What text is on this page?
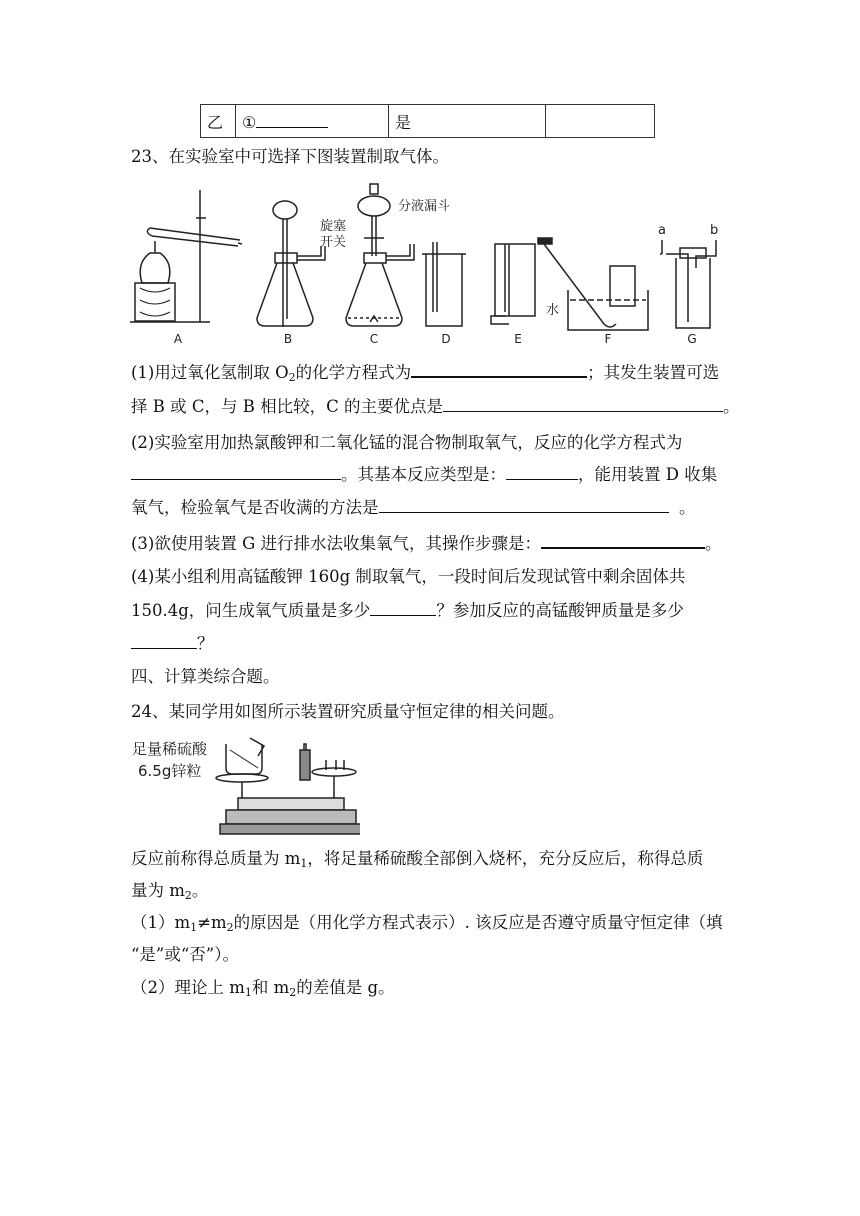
乙	①	是	
23、在实验室中可选择下图装置制取气体。
A	B	C	D	E	F	G
分液漏斗
旋塞
开关
水
a	b
(1)用过氧化氢制取 $O_2$的化学方程式为	；其发生装置可选
择 B 或 C，与 B 相比较，C 的主要优点是	。
(2)实验室用加热氯酸钾和二氧化锰的混合物制取氧气，反应的化学方程式为
。其基本反应类型是：	，能用装置 D 收集
氧气，检验氧气是否收满的方法是	。
(3)欲使用装置 G 进行排水法收集氧气，其操作步骤是：	。
(4)某小组利用高锰酸钾 160g 制取氧气，一段时间后发现试管中剩余固体共
150.4g，问生成氧气质量是多少	？参加反应的高锰酸钾质量是多少
？
四、计算类综合题。
24、某同学用如图所示装置研究质量守恒定律的相关问题。
足量稀硫酸
6.5g锌粒
反应前称得总质量为 $m_1$，将足量稀硫酸全部倒入烧杯，充分反应后，称得总质
量为 $m_2$。
$(1)m_1\ne m_2$的原因是（用化学方程式表示）. 该反应是否遵守质量守恒定律（填
“是”或“否”）。
（2）理论上 $m_1$和 $m_2$的差值是 g。
